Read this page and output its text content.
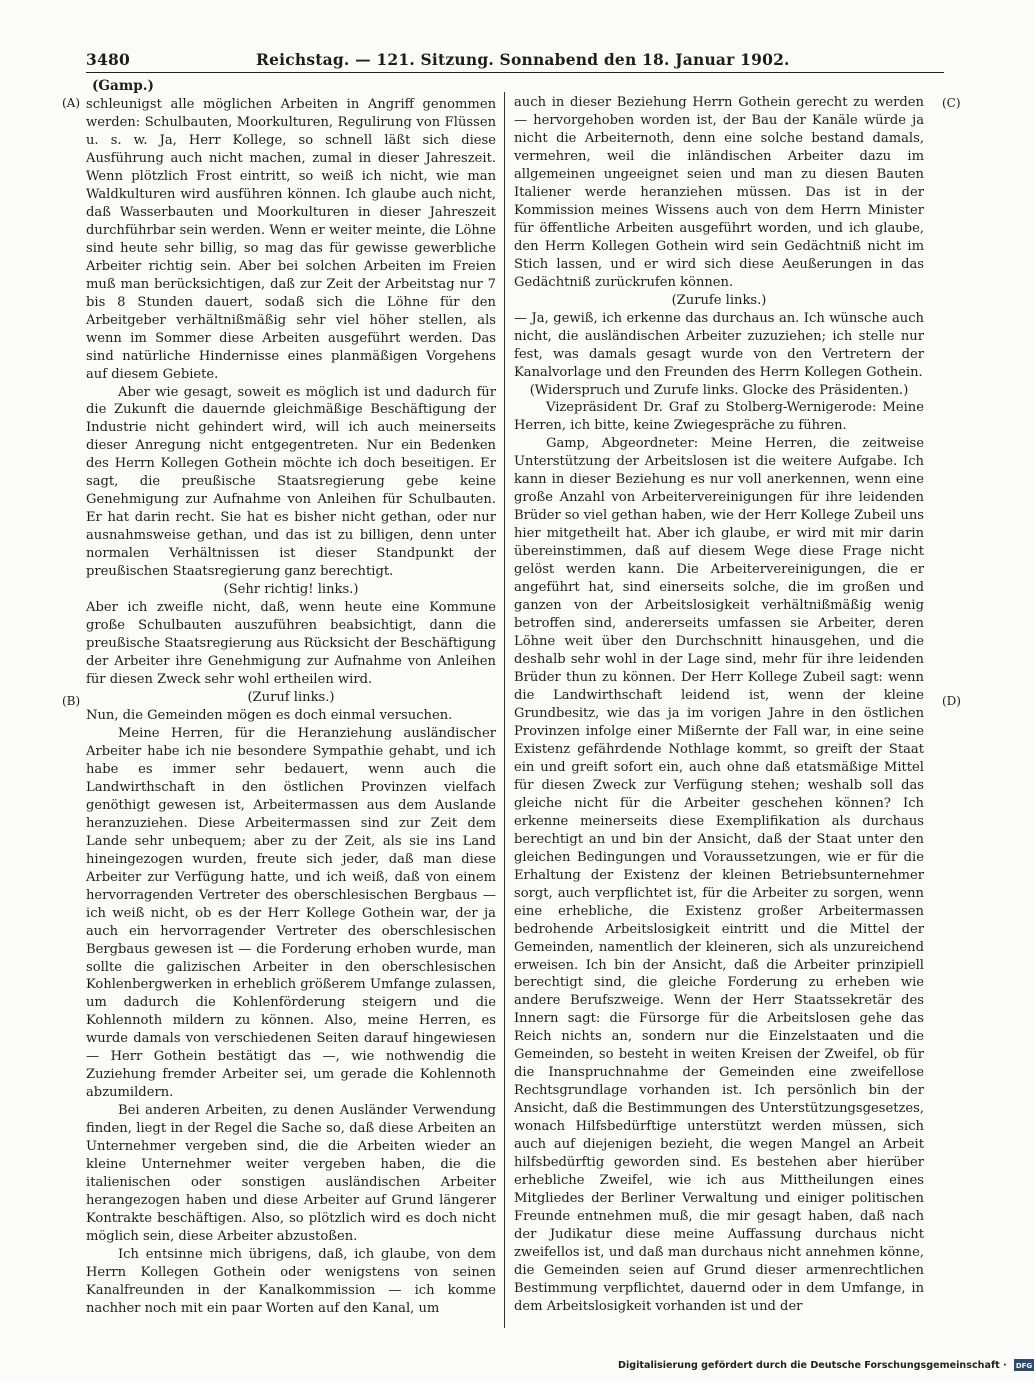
3480	Reichstag. — 121. Sitzung. Sonnabend den 18. Januar 1902.
(Gamp.)
(A)
(B)
(C)
(D)

schleunigst alle möglichen Arbeiten in Angriff genommen werden: Schulbauten, Moorkulturen, Regulirung von Flüssen u. s. w. Ja, Herr Kollege, so schnell läßt sich diese Ausführung auch nicht machen, zumal in dieser Jahreszeit. Wenn plötzlich Frost eintritt, so weiß ich nicht, wie man Waldkulturen wird ausführen können. Ich glaube auch nicht, daß Wasserbauten und Moorkulturen in dieser Jahreszeit durchführbar sein werden. Wenn er weiter meinte, die Löhne sind heute sehr billig, so mag das für gewisse gewerbliche Arbeiter richtig sein. Aber bei solchen Arbeiten im Freien muß man berücksichtigen, daß zur Zeit der Arbeitstag nur 7 bis 8 Stunden dauert, sodaß sich die Löhne für den Arbeitgeber verhältnißmäßig sehr viel höher stellen, als wenn im Sommer diese Arbeiten ausgeführt werden. Das sind natürliche Hindernisse eines planmäßigen Vorgehens auf diesem Gebiete.

Aber wie gesagt, soweit es möglich ist und dadurch für die Zukunft die dauernde gleichmäßige Beschäftigung der Industrie nicht gehindert wird, will ich auch meinerseits dieser Anregung nicht entgegentreten. Nur ein Bedenken des Herrn Kollegen Gothein möchte ich doch beseitigen. Er sagt, die preußische Staatsregierung gebe keine Genehmigung zur Aufnahme von Anleihen für Schulbauten. Er hat darin recht. Sie hat es bisher nicht gethan, oder nur ausnahmsweise gethan, und das ist zu billigen, denn unter normalen Verhältnissen ist dieser Standpunkt der preußischen Staatsregierung ganz berechtigt.

(Sehr richtig! links.)

Aber ich zweifle nicht, daß, wenn heute eine Kommune große Schulbauten auszuführen beabsichtigt, dann die preußische Staatsregierung aus Rücksicht der Beschäftigung der Arbeiter ihre Genehmigung zur Aufnahme von Anleihen für diesen Zweck sehr wohl ertheilen wird.

(Zuruf links.)

Nun, die Gemeinden mögen es doch einmal versuchen.

Meine Herren, für die Heranziehung ausländischer Arbeiter habe ich nie besondere Sympathie gehabt, und ich habe es immer sehr bedauert, wenn auch die Landwirthschaft in den östlichen Provinzen vielfach genöthigt gewesen ist, Arbeitermassen aus dem Auslande heranzuziehen. Diese Arbeitermassen sind zur Zeit dem Lande sehr unbequem; aber zu der Zeit, als sie ins Land hineingezogen wurden, freute sich jeder, daß man diese Arbeiter zur Verfügung hatte, und ich weiß, daß von einem hervorragenden Vertreter des oberschlesischen Bergbaus — ich weiß nicht, ob es der Herr Kollege Gothein war, der ja auch ein hervorragender Vertreter des oberschlesischen Bergbaus gewesen ist — die Forderung erhoben wurde, man sollte die galizischen Arbeiter in den oberschlesischen Kohlenbergwerken in erheblich größerem Umfange zulassen, um dadurch die Kohlenförderung steigern und die Kohlennoth mildern zu können. Also, meine Herren, es wurde damals von verschiedenen Seiten darauf hingewiesen — Herr Gothein bestätigt das —, wie nothwendig die Zuziehung fremder Arbeiter sei, um gerade die Kohlennoth abzumildern.

Bei anderen Arbeiten, zu denen Ausländer Verwendung finden, liegt in der Regel die Sache so, daß diese Arbeiten an Unternehmer vergeben sind, die die Arbeiten wieder an kleine Unternehmer weiter vergeben haben, die die italienischen oder sonstigen ausländischen Arbeiter herangezogen haben und diese Arbeiter auf Grund längerer Kontrakte beschäftigen. Also, so plötzlich wird es doch nicht möglich sein, diese Arbeiter abzustoßen.

Ich entsinne mich übrigens, daß, ich glaube, von dem Herrn Kollegen Gothein oder wenigstens von seinen Kanalfreunden in der Kanalkommission — ich komme nachher noch mit ein paar Worten auf den Kanal, um

auch in dieser Beziehung Herrn Gothein gerecht zu werden — hervorgehoben worden ist, der Bau der Kanäle würde ja nicht die Arbeiternoth, denn eine solche bestand damals, vermehren, weil die inländischen Arbeiter dazu im allgemeinen ungeeignet seien und man zu diesen Bauten Italiener werde heranziehen müssen. Das ist in der Kommission meines Wissens auch von dem Herrn Minister für öffentliche Arbeiten ausgeführt worden, und ich glaube, den Herrn Kollegen Gothein wird sein Gedächtniß nicht im Stich lassen, und er wird sich diese Aeußerungen in das Gedächtniß zurückrufen können.

(Zurufe links.)

— Ja, gewiß, ich erkenne das durchaus an. Ich wünsche auch nicht, die ausländischen Arbeiter zuzuziehen; ich stelle nur fest, was damals gesagt wurde von den Vertretern der Kanalvorlage und den Freunden des Herrn Kollegen Gothein.

(Widerspruch und Zurufe links. Glocke des Präsidenten.)

Vizepräsident Dr. Graf zu Stolberg-Wernigerode: Meine Herren, ich bitte, keine Zwiegespräche zu führen.

Gamp, Abgeordneter: Meine Herren, die zeitweise Unterstützung der Arbeitslosen ist die weitere Aufgabe. Ich kann in dieser Beziehung es nur voll anerkennen, wenn eine große Anzahl von Arbeitervereinigungen für ihre leidenden Brüder so viel gethan haben, wie der Herr Kollege Zubeil uns hier mitgetheilt hat. Aber ich glaube, er wird mit mir darin übereinstimmen, daß auf diesem Wege diese Frage nicht gelöst werden kann. Die Arbeitervereinigungen, die er angeführt hat, sind einerseits solche, die im großen und ganzen von der Arbeitslosigkeit verhältnißmäßig wenig betroffen sind, andererseits umfassen sie Arbeiter, deren Löhne weit über den Durchschnitt hinausgehen, und die deshalb sehr wohl in der Lage sind, mehr für ihre leidenden Brüder thun zu können. Der Herr Kollege Zubeil sagt: wenn die Landwirthschaft leidend ist, wenn der kleine Grundbesitz, wie das ja im vorigen Jahre in den östlichen Provinzen infolge einer Mißernte der Fall war, in eine seine Existenz gefährdende Nothlage kommt, so greift der Staat ein und greift sofort ein, auch ohne daß etatsmäßige Mittel für diesen Zweck zur Verfügung stehen; weshalb soll das gleiche nicht für die Arbeiter geschehen können? Ich erkenne meinerseits diese Exemplifikation als durchaus berechtigt an und bin der Ansicht, daß der Staat unter den gleichen Bedingungen und Voraussetzungen, wie er für die Erhaltung der Existenz der kleinen Betriebsunternehmer sorgt, auch verpflichtet ist, für die Arbeiter zu sorgen, wenn eine erhebliche, die Existenz großer Arbeitermassen bedrohende Arbeitslosigkeit eintritt und die Mittel der Gemeinden, namentlich der kleineren, sich als unzureichend erweisen. Ich bin der Ansicht, daß die Arbeiter prinzipiell berechtigt sind, die gleiche Forderung zu erheben wie andere Berufszweige. Wenn der Herr Staatssekretär des Innern sagt: die Fürsorge für die Arbeitslosen gehe das Reich nichts an, sondern nur die Einzelstaaten und die Gemeinden, so besteht in weiten Kreisen der Zweifel, ob für die Inanspruchnahme der Gemeinden eine zweifellose Rechtsgrundlage vorhanden ist. Ich persönlich bin der Ansicht, daß die Bestimmungen des Unterstützungsgesetzes, wonach Hilfsbedürftige unterstützt werden müssen, sich auch auf diejenigen bezieht, die wegen Mangel an Arbeit hilfsbedürftig geworden sind. Es bestehen aber hierüber erhebliche Zweifel, wie ich aus Mittheilungen eines Mitgliedes der Berliner Verwaltung und einiger politischen Freunde entnehmen muß, die mir gesagt haben, daß nach der Judikatur diese meine Auffassung durchaus nicht zweifellos ist, und daß man durchaus nicht annehmen könne, die Gemeinden seien auf Grund dieser armenrechtlichen Bestimmung verpflichtet, dauernd oder in dem Umfange, in dem Arbeitslosigkeit vorhanden ist und der

Digitalisierung gefördert durch die Deutsche Forschungsgemeinschaft · DFG
